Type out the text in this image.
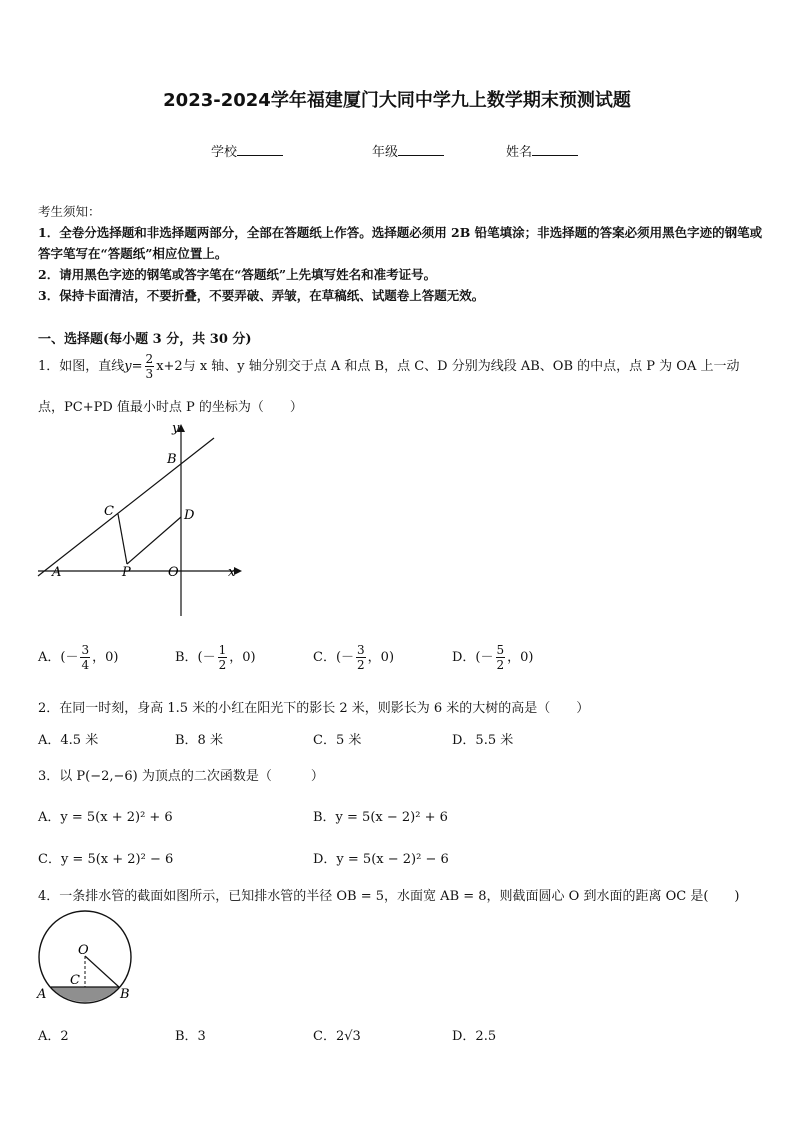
2023-2024学年福建厦门大同中学九上数学期末预测试题
学校	年级	姓名
考生须知：
1．全卷分选择题和非选择题两部分，全部在答题纸上作答。选择题必须用 2B 铅笔填涂；非选择题的答案必须用黑色字迹的钢笔或答字笔写在“答题纸”相应位置上。
2．请用黑色字迹的钢笔或答字笔在“答题纸”上先填写姓名和准考证号。
3．保持卡面清洁，不要折叠，不要弄破、弄皱，在草稿纸、试题卷上答题无效。
一、选择题(每小题 3 分，共 30 分)
1．如图，直线$y= \frac{2}{3} x+2$与 x 轴、y 轴分别交于点 A 和点 B，点 C、D 分别为线段 AB、OB 的中点，点 P 为 OA 上一动
点，PC+PD 值最小时点 P 的坐标为（　　）
y
x
B
C	D
A	P	O
A．(－ $\frac{3}{4}$ ，0)	B．(－ $\frac{1}{2}$ ，0)	C．(－ $\frac{3}{2}$ ，0)	D．(－ $\frac{5}{2}$ ，0)
2．在同一时刻，身高 1.5 米的小红在阳光下的影长 2 米，则影长为 6 米的大树的高是（　　）
A．4.5 米	B．8 米	C．5 米	D．5.5 米
3．以 P(−2,−6) 为顶点的二次函数是（　　　）
A．y = 5(x + 2)² + 6	B．y = 5(x − 2)² + 6
C．y = 5(x + 2)² − 6	D．y = 5(x − 2)² − 6
4．一条排水管的截面如图所示，已知排水管的半径 OB = 5，水面宽 AB = 8，则截面圆心 O 到水面的距离 OC 是(　　)
O
C
A	B
A．2	B．3	C．2√3	D．2.5
